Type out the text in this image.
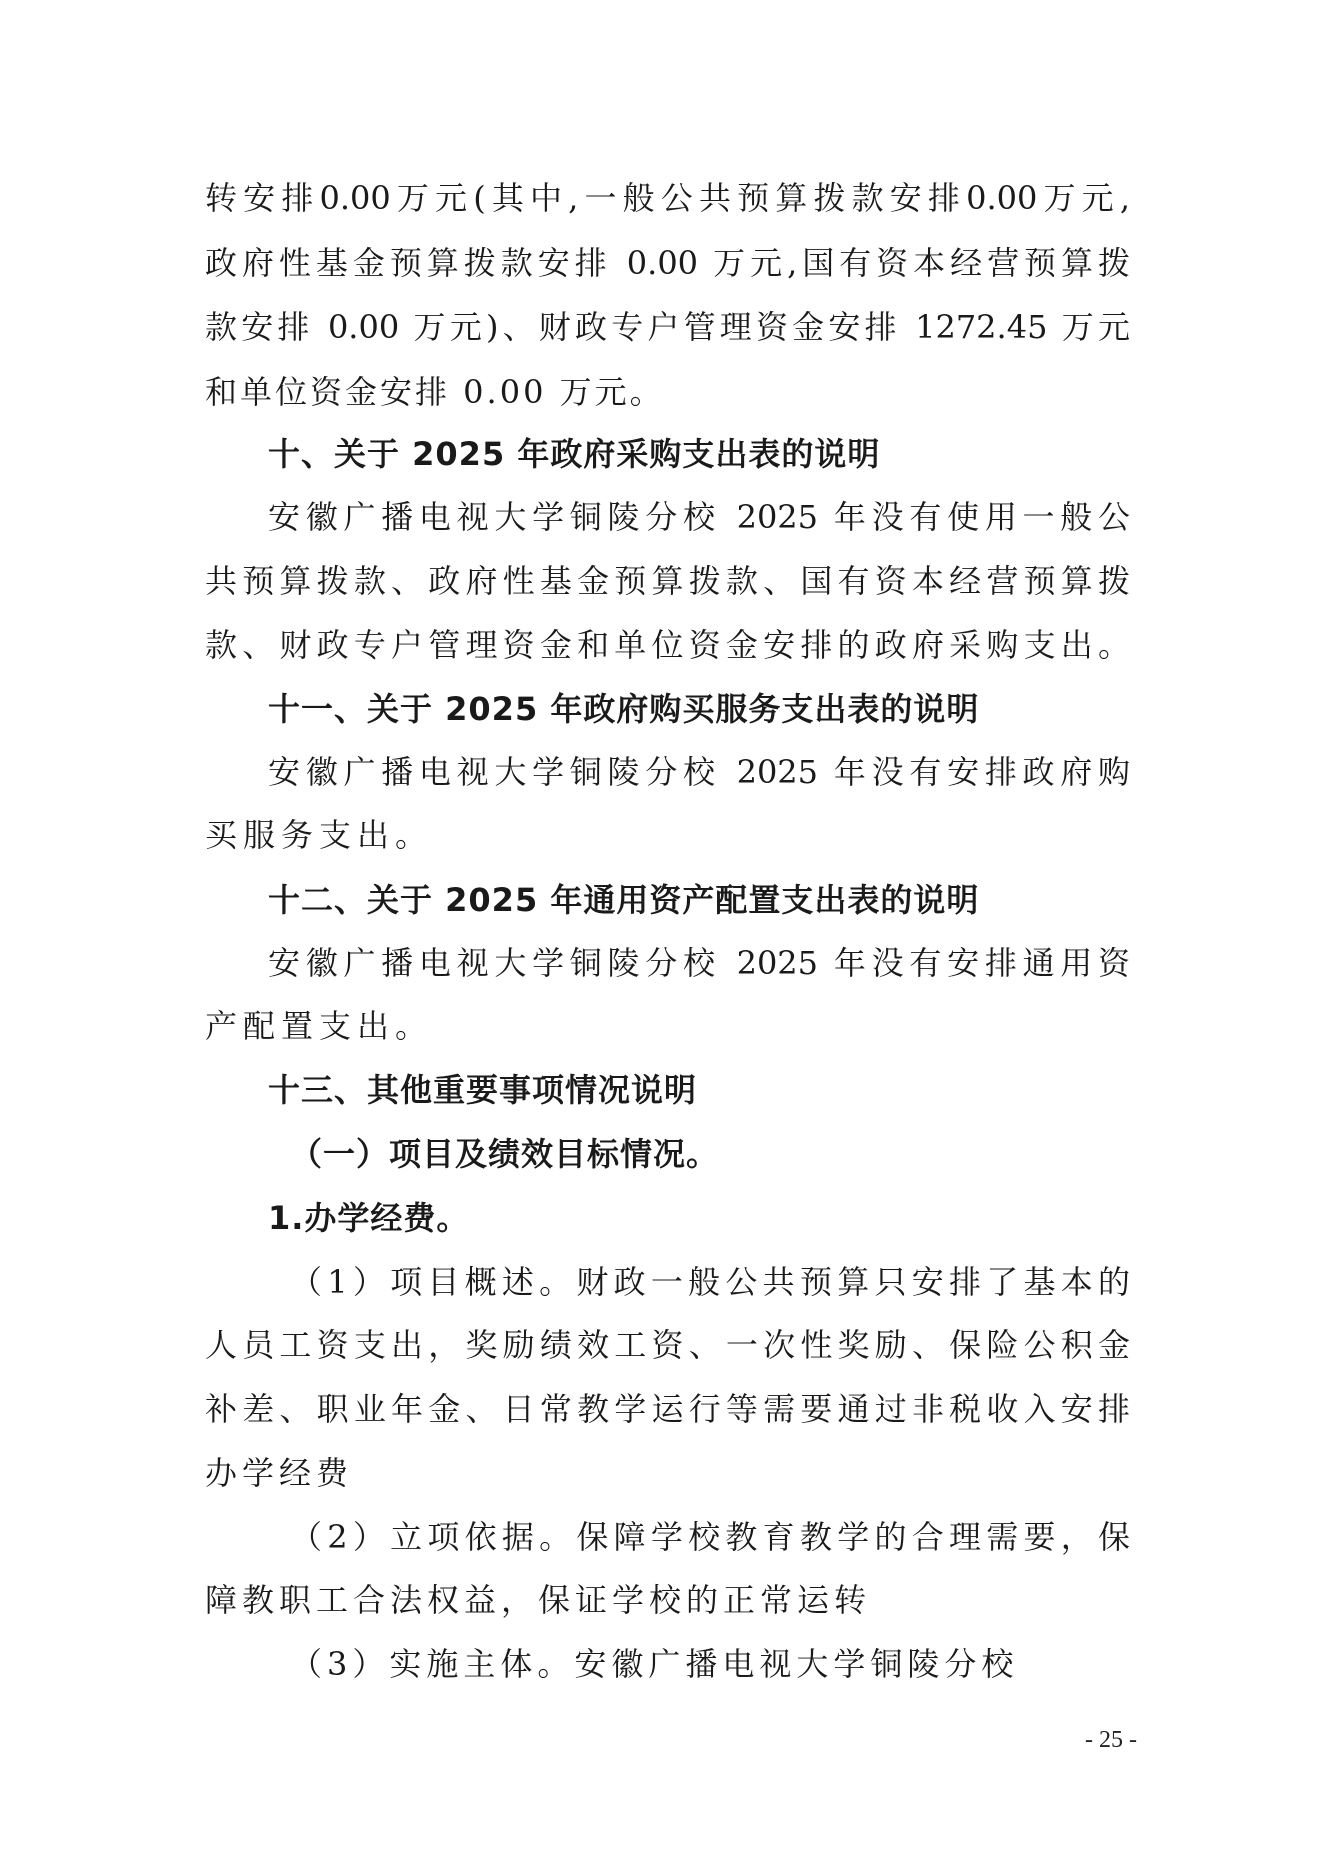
转安排0.00万元(其中,一般公共预算拨款安排0.00万元,
政府性基金预算拨款安排 0.00 万元,国有资本经营预算拨
款安排 0.00 万元)、财政专户管理资金安排 1272.45 万元
和单位资金安排 0.00 万元。
十、关于 2025 年政府采购支出表的说明
安徽广播电视大学铜陵分校 2025 年没有使用一般公
共预算拨款、政府性基金预算拨款、国有资本经营预算拨
款、财政专户管理资金和单位资金安排的政府采购支出。
十一、关于 2025 年政府购买服务支出表的说明
安徽广播电视大学铜陵分校 2025 年没有安排政府购
买服务支出。
十二、关于 2025 年通用资产配置支出表的说明
安徽广播电视大学铜陵分校 2025 年没有安排通用资
产配置支出。
十三、其他重要事项情况说明
（一）项目及绩效目标情况。
1.办学经费。
（1）项目概述。财政一般公共预算只安排了基本的
人员工资支出，奖励绩效工资、一次性奖励、保险公积金
补差、职业年金、日常教学运行等需要通过非税收入安排
办学经费
（2）立项依据。保障学校教育教学的合理需要，保
障教职工合法权益，保证学校的正常运转
（3）实施主体。安徽广播电视大学铜陵分校
- 25 -
